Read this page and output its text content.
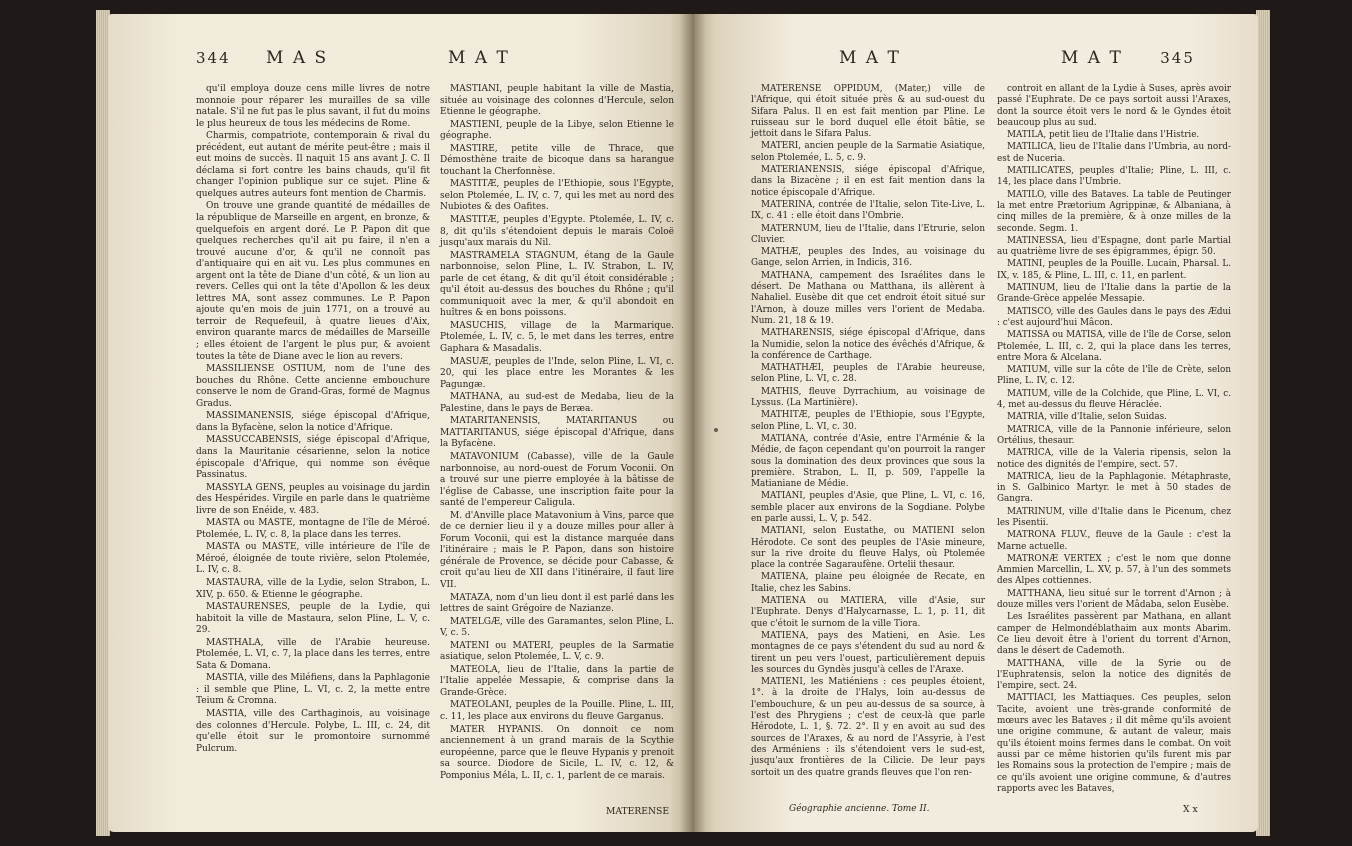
344 M A S	M A T

qu'il employa douze cens mille livres de notre monnoie pour réparer les murailles de sa ville natale. S'il ne fut pas le plus savant, il fut du moins le plus heureux de tous les médecins de Rome.

Charmis, compatriote, contemporain & rival du précédent, eut autant de mérite peut-être ; mais il eut moins de succès. Il naquit 15 ans avant J. C. Il déclama si fort contre les bains chauds, qu'il fit changer l'opinion publique sur ce sujet. Pline & quelques autres auteurs font mention de Charmis.

On trouve une grande quantité de médailles de la république de Marseille en argent, en bronze, & quelquefois en argent doré. Le P. Papon dit que quelques recherches qu'il ait pu faire, il n'en a trouvé aucune d'or, & qu'il ne connoît pas d'antiquaire qui en ait vu. Les plus communes en argent ont la tête de Diane d'un côté, & un lion au revers. Celles qui ont la tête d'Apollon & les deux lettres MA, sont assez communes. Le P. Papon ajoute qu'en mois de juin 1771, on a trouvé au terroir de Requefeuil, à quatre lieues d'Aix, environ quarante marcs de médailles de Marseille ; elles étoient de l'argent le plus pur, & avoient toutes la tête de Diane avec le lion au revers.

MASSILIENSE OSTIUM, nom de l'une des bouches du Rhône. Cette ancienne embouchure conserve le nom de Grand-Gras, formé de Magnus Gradus.

MASSIMANENSIS, siége épiscopal d'Afrique, dans la Byfacène, selon la notice d'Afrique.

MASSUCCABENSIS, siége épiscopal d'Afrique, dans la Mauritanie césarienne, selon la notice épiscopale d'Afrique, qui nomme son évêque Passinatus.

MASSYLA GENS, peuples au voisinage du jardin des Hespérides. Virgile en parle dans le quatrième livre de son Enéide, v. 483.

MASTA ou MASTE, montagne de l'île de Méroé. Ptolemée, L. IV, c. 8, la place dans les terres.

MASTA ou MASTE, ville intérieure de l'île de Méroé, éloignée de toute rivière, selon Ptolemée, L. IV, c. 8.

MASTAURA, ville de la Lydie, selon Strabon, L. XIV, p. 650. & Etienne le géographe.

MASTAURENSES, peuple de la Lydie, qui habitoit la ville de Mastaura, selon Pline, L. V, c. 29.

MASTHALA, ville de l'Arabie heureuse. Ptolemée, L. VI, c. 7, la place dans les terres, entre Sata & Domana.

MASTIA, ville des Miléfiens, dans la Paphlagonie : il semble que Pline, L. VI, c. 2, la mette entre Teium & Cromna.

MASTIA, ville des Carthaginois, au voisinage des colonnes d'Hercule. Polybe, L. III, c. 24, dit qu'elle étoit sur le promontoire surnommé Pulcrum.

MASTIANI, peuple habitant la ville de Mastia, située au voisinage des colonnes d'Hercule, selon Etienne le géographe.

MASTIENI, peuple de la Libye, selon Etienne le géographe.

MASTIRE, petite ville de Thrace, que Démosthène traite de bicoque dans sa harangue touchant la Cherfonnèse.

MASTITÆ, peuples de l'Ethiopie, sous l'Egypte, selon Ptolemée, L. IV, c. 7, qui les met au nord des Nubiotes & des Oafites.

MASTITÆ, peuples d'Egypte. Ptolemée, L. IV, c. 8, dit qu'ils s'étendoient depuis le marais Coloë jusqu'aux marais du Nil.

MASTRAMELA STAGNUM, étang de la Gaule narbonnoise, selon Pline, L. IV. Strabon, L. IV, parle de cet étang, & dit qu'il étoit considérable ; qu'il étoit au-dessus des bouches du Rhône ; qu'il communiquoit avec la mer, & qu'il abondoit en huîtres & en bons poissons.

MASUCHIS, village de la Marmarique. Ptolemée, L. IV, c. 5, le met dans les terres, entre Gaphara & Masadalis.

MASUÆ, peuples de l'Inde, selon Pline, L. VI, c. 20, qui les place entre les Morantes & les Pagungæ.

MATHANA, au sud-est de Medaba, lieu de la Palestine, dans le pays de Beræa.

MATARITANENSIS, MATARITANUS ou MATTARITANUS, siége épiscopal d'Afrique, dans la Byfacène.

MATAVONIUM (Cabasse), ville de la Gaule narbonnoise, au nord-ouest de Forum Voconii. On a trouvé sur une pierre employée à la bâtisse de l'église de Cabasse, une inscription faite pour la santé de l'empereur Caligula.

M. d'Anville place Matavonium à Vins, parce que de ce dernier lieu il y a douze milles pour aller à Forum Voconii, qui est la distance marquée dans l'itinéraire ; mais le P. Papon, dans son histoire générale de Provence, se décide pour Cabasse, & croit qu'au lieu de XII dans l'itinéraire, il faut lire VII.

MATAZA, nom d'un lieu dont il est parlé dans les lettres de saint Grégoire de Nazianze.

MATELGÆ, ville des Garamantes, selon Pline, L. V, c. 5.

MATENI ou MATERI, peuples de la Sarmatie asiatique, selon Ptolemée, L. V, c. 9.

MATEOLA, lieu de l'Italie, dans la partie de l'Italie appelée Messapie, & comprise dans la Grande-Grèce.

MATEOLANI, peuples de la Pouille. Pline, L. III, c. 11, les place aux environs du fleuve Garganus.

MATER HYPANIS. On donnoit ce nom anciennement à un grand marais de la Scythie européenne, parce que le fleuve Hypanis y prenoit sa source. Diodore de Sicile, L. IV, c. 12, & Pomponius Méla, L. II, c. 1, parlent de ce marais.

MATERENSE
M A T	M A T 345

MATERENSE OPPIDUM, (Mater,) ville de l'Afrique, qui étoit située près & au sud-ouest du Sifara Palus. Il en est fait mention par Pline. Le ruisseau sur le bord duquel elle étoit bâtie, se jettoit dans le Sifara Palus.

MATERI, ancien peuple de la Sarmatie Asiatique, selon Ptolemée, L. 5, c. 9.

MATERIANENSIS, siége épiscopal d'Afrique, dans la Bizacène ; il en est fait mention dans la notice épiscopale d'Afrique.

MATERINA, contrée de l'Italie, selon Tite-Live, L. IX, c. 41 : elle étoit dans l'Ombrie.

MATERNUM, lieu de l'Italie, dans l'Etrurie, selon Cluvier.

MATHÆ, peuples des Indes, au voisinage du Gange, selon Arrien, in Indicis, 316.

MATHANA, campement des Israélites dans le désert. De Mathana ou Matthana, ils allèrent à Nahaliel. Eusèbe dit que cet endroit étoit situé sur l'Arnon, à douze milles vers l'orient de Medaba. Num. 21, 18 & 19.

MATHARENSIS, siége épiscopal d'Afrique, dans la Numidie, selon la notice des évêchés d'Afrique, & la conférence de Carthage.

MATHATHÆI, peuples de l'Arabie heureuse, selon Pline, L. VI, c. 28.

MATHIS, fleuve Dyrrachium, au voisinage de Lyssus. (La Martinière).

MATHITÆ, peuples de l'Ethiopie, sous l'Egypte, selon Pline, L. VI, c. 30.

MATIANA, contrée d'Asie, entre l'Arménie & la Médie, de façon cependant qu'on pourroit la ranger sous la domination des deux provinces que sous la première. Strabon, L. II, p. 509, l'appelle la Matianiane de Médie.

MATIANI, peuples d'Asie, que Pline, L. VI, c. 16, semble placer aux environs de la Sogdiane. Polybe en parle aussi, L. V, p. 542.

MATIANI, selon Eustathe, ou MATIENI selon Hérodote. Ce sont des peuples de l'Asie mineure, sur la rive droite du fleuve Halys, où Ptolemée place la contrée Sagaraufène. Ortelii thesaur.

MATIENA, plaine peu éloignée de Recate, en Italie, chez les Sabins.

MATIENA ou MATIERA, ville d'Asie, sur l'Euphrate. Denys d'Halycarnasse, L. 1, p. 11, dit que c'étoit le surnom de la ville Tiora.

MATIENA, pays des Matieni, en Asie. Les montagnes de ce pays s'étendent du sud au nord & tirent un peu vers l'ouest, particulièrement depuis les sources du Gyndès jusqu'à celles de l'Araxe.

MATIENI, les Matiéniens : ces peuples étoient, 1°. à la droite de l'Halys, loin au-dessus de l'embouchure, & un peu au-dessus de sa source, à l'est des Phrygiens ; c'est de ceux-là que parle Hérodote, L. 1, §. 72. 2°. Il y en avoit au sud des sources de l'Araxes, & au nord de l'Assyrie, à l'est des Arméniens : ils s'étendoient vers le sud-est, jusqu'aux frontières de la Cilicie. De leur pays sortoit un des quatre grands fleuves que l'on ren-

controit en allant de la Lydie à Suses, après avoir passé l'Euphrate. De ce pays sortoit aussi l'Araxes, dont la source étoit vers le nord & le Gyndes étoit beaucoup plus au sud.

MATILA, petit lieu de l'Italie dans l'Histrie.

MATILICA, lieu de l'Italie dans l'Umbria, au nord-est de Nuceria.

MATILICATES, peuples d'Italie; Pline, L. III, c. 14, les place dans l'Umbrie.

MATILO, ville des Bataves. La table de Peutinger la met entre Prætorium Agrippinæ, & Albaniana, à cinq milles de la première, & à onze milles de la seconde. Segm. 1.

MATINESSA, lieu d'Espagne, dont parle Martial au quatrième livre de ses épigrammes, épigr. 50.

MATINI, peuples de la Pouille. Lucain, Pharsal. L. IX, v. 185, & Pline, L. III, c. 11, en parlent.

MATINUM, lieu de l'Italie dans la partie de la Grande-Grèce appelée Messapie.

MATISCO, ville des Gaules dans le pays des Ædui : c'est aujourd'hui Mâcon.

MATISSA ou MATISA, ville de l'île de Corse, selon Ptolemée, L. III, c. 2, qui la place dans les terres, entre Mora & Alcelana.

MATIUM, ville sur la côte de l'île de Crète, selon Pline, L. IV, c. 12.

MATIUM, ville de la Colchide, que Pline, L. VI, c. 4, met au-dessus du fleuve Héraclée.

MATRIA, ville d'Italie, selon Suidas.

MATRICA, ville de la Pannonie inférieure, selon Ortélius, thesaur.

MATRICA, ville de la Valeria ripensis, selon la notice des dignités de l'empire, sect. 57.

MATRICA, lieu de la Paphlagonie. Métaphraste, in S. Galbinico Martyr. le met à 50 stades de Gangra.

MATRINUM, ville d'Italie dans le Picenum, chez les Pisentii.

MATRONA FLUV., fleuve de la Gaule : c'est la Marne actuelle.

MATRONÆ VERTEX ; c'est le nom que donne Ammien Marcellin, L. XV, p. 57, à l'un des sommets des Alpes cottiennes.

MATTHANA, lieu situé sur le torrent d'Arnon ; à douze milles vers l'orient de Mâdaba, selon Eusèbe.

Les Israélites passèrent par Mathana, en allant camper de Helmondéblathaim aux monts Abarim. Ce lieu devoit être à l'orient du torrent d'Arnon, dans le désert de Cademoth.

MATTHANA, ville de la Syrie ou de l'Euphratensis, selon la notice des dignités de l'empire, sect. 24.

MATTIACI, les Mattiaques. Ces peuples, selon Tacite, avoient une très-grande conformité de mœurs avec les Bataves ; il dit même qu'ils avoient une origine commune, & autant de valeur, mais qu'ils étoient moins fermes dans le combat. On voit aussi par ce même historien qu'ils furent mis par les Romains sous la protection de l'empire ; mais de ce qu'ils avoient une origine commune, & d'autres rapports avec les Bataves,

Géographie ancienne. Tome II.	X x
